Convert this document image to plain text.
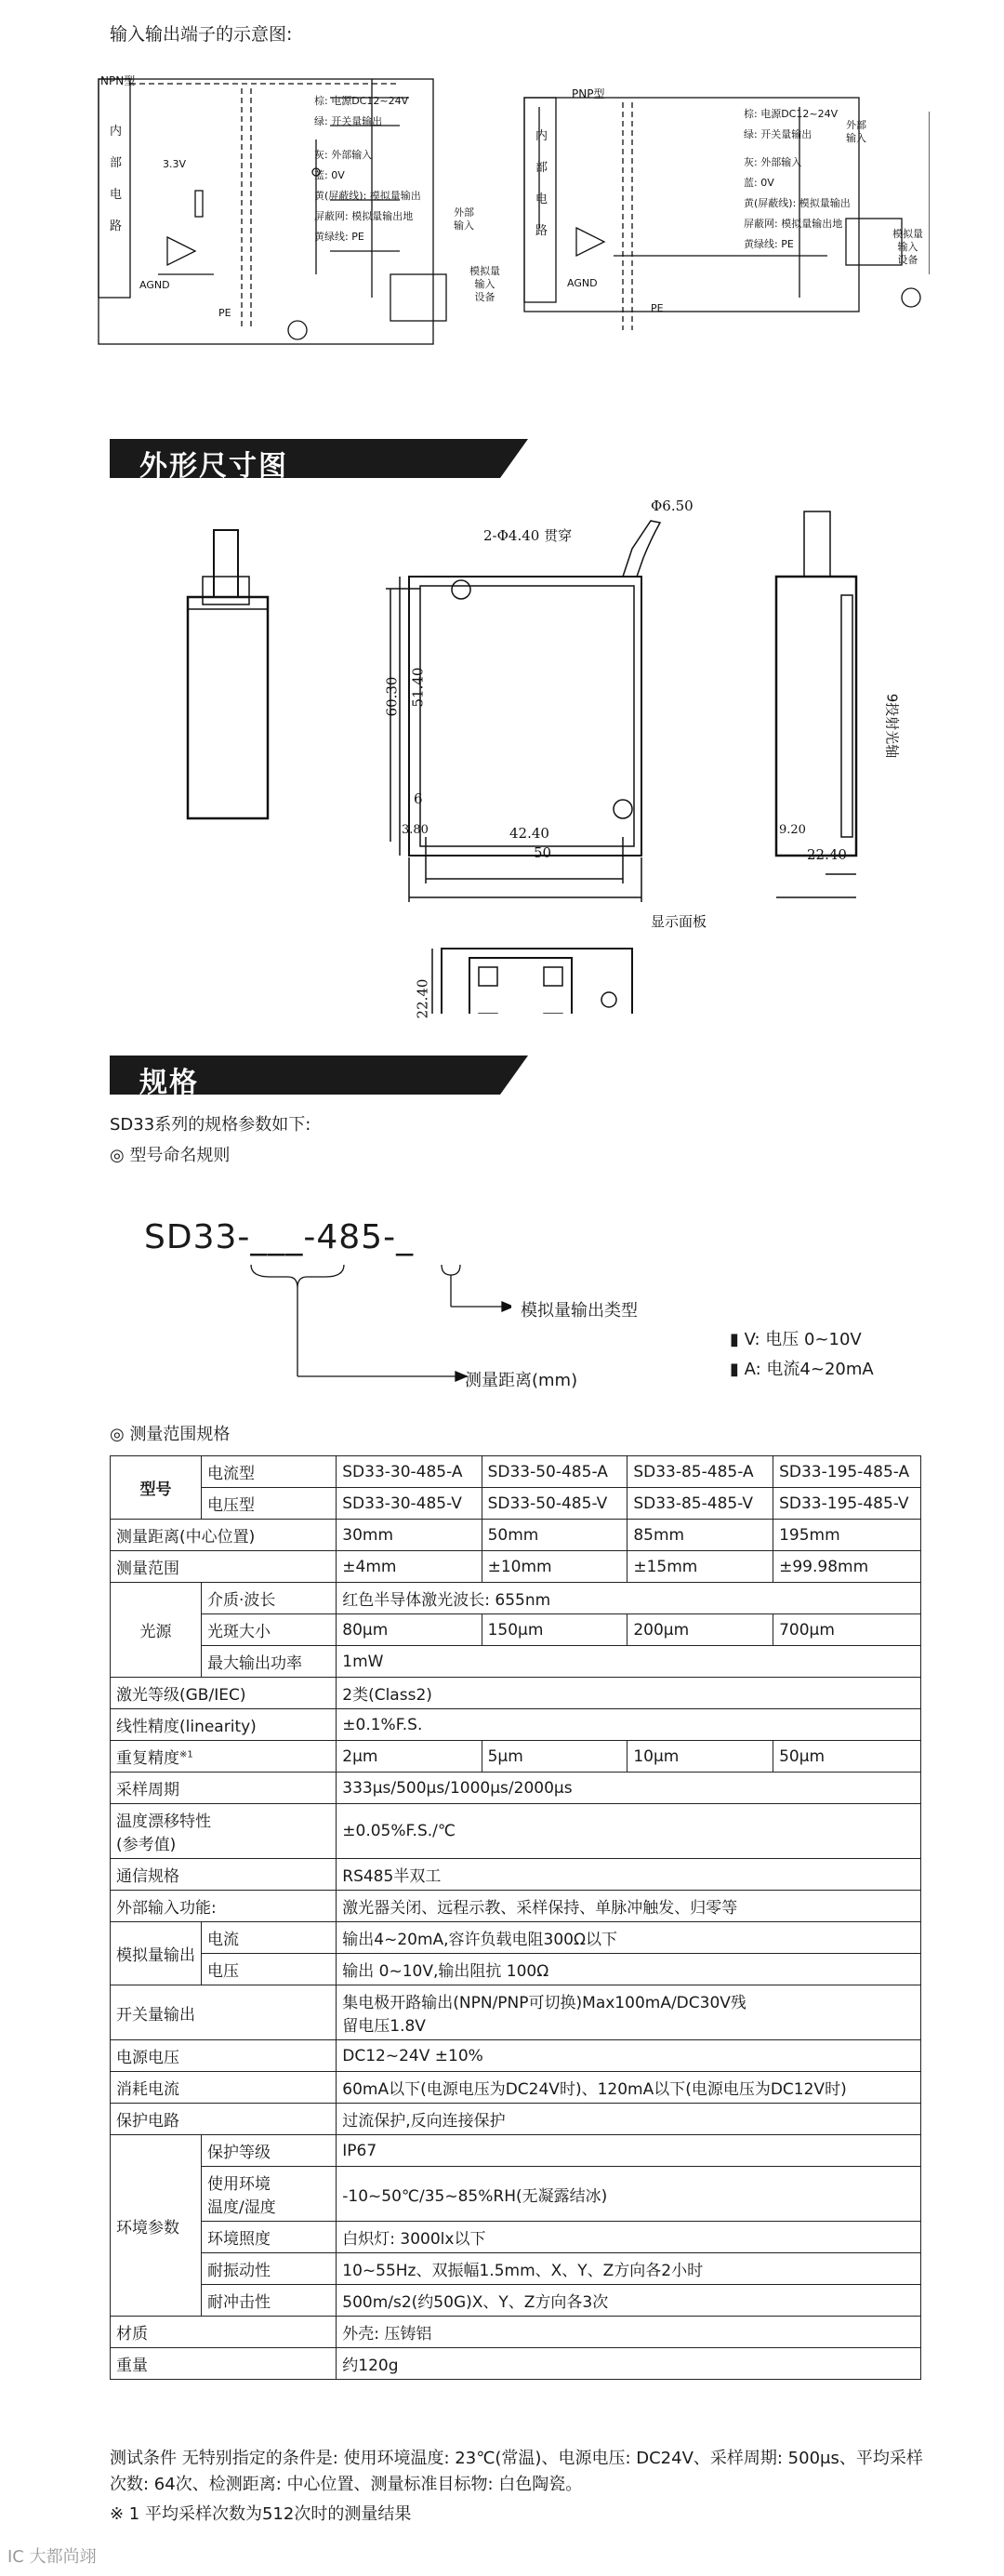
输入输出端子的示意图:
NPN型
内
部
电
路
3.3V
AGND
PE
棕: 电源DC12~24V
绿: 开关量输出
灰: 外部输入
蓝: 0V
黄(屏蔽线): 模拟量输出
屏蔽网: 模拟量输出地
黄绿线: PE
外部
输入
模拟量
输入
设备
PNP型
内
部
电
路
AGND
PE
棕: 电源DC12~24V
绿: 开关量输出
灰: 外部输入
蓝: 0V
黄(屏蔽线): 模拟量输出
屏蔽网: 模拟量输出地
黄绿线: PE
外部
输入
模拟量
输入
设备
外形尺寸图
2-Φ4.40 贯穿
Φ6.50
60.30 51.40
6
3.80	42.40
50
9投射光轴
9.20
22.40
显示面板
22.40
规格
SD33系列的规格参数如下:
◎ 型号命名规则
SD33-___-485-_
模拟量输出类型
测量距离(mm)
▮ V: 电压 0~10V
▮ A: 电流4~20mA
◎ 测量范围规格
型号	电流型	SD33-30-485-A	SD33-50-485-A	SD33-85-485-A	SD33-195-485-A
	电压型	SD33-30-485-V	SD33-50-485-V	SD33-85-485-V	SD33-195-485-V
测量距离(中心位置)		30mm	50mm	85mm	195mm
测量范围		±4mm	±10mm	±15mm	±99.98mm
光源	介质·波长	红色半导体激光波长: 655nm			
	光斑大小	80μm	150μm	200μm	700μm
	最大输出功率	1mW			
激光等级(GB/IEC)		2类(Class2)			
线性精度(linearity)		±0.1%F.S.			
重复精度$^{※1}$		2μm	5μm	10μm	50μm
采样周期		333μs/500μs/1000μs/2000μs			

温度漂移特性
(参考值)		±0.05%F.S./℃			
通信规格		RS485半双工			
外部输入功能:		激光器关闭、远程示教、采样保持、单脉冲触发、归零等			
模拟量输出	电流	输出4~20mA,容许负载电阻300Ω以下			
	电压	输出 0~10V,输出阻抗 100Ω			
开关量输出		集电极开路输出(NPN/PNP可切换)Max100mA/DC30V残
留电压1.8V			

电源电压		DC12~24V ±10%			
消耗电流		60mA以下(电源电压为DC24V时)、120mA以下(电源电压为DC12V时)			
保护电路		过流保护,反向连接保护			
环境参数	保护等级	IP67			

	使用环境
温度/湿度	-10~50℃/35~85%RH(无凝露结冰)			
	环境照度	白炽灯: 3000lx以下			
	耐振动性	10~55Hz、双振幅1.5mm、X、Y、Z方向各2小时			
	耐冲击性	500m/s2(约50G)X、Y、Z方向各3次			
材质		外壳: 压铸铝			
重量		约120g			
测试条件 无特别指定的条件是: 使用环境温度: 23℃(常温)、电源电压: DC24V、采样周期: 500μs、平均采样次数: 64次、检测距离: 中心位置、测量标准目标物: 白色陶瓷。
※ 1 平均采样次数为512次时的测量结果
IC 大都尚翊
